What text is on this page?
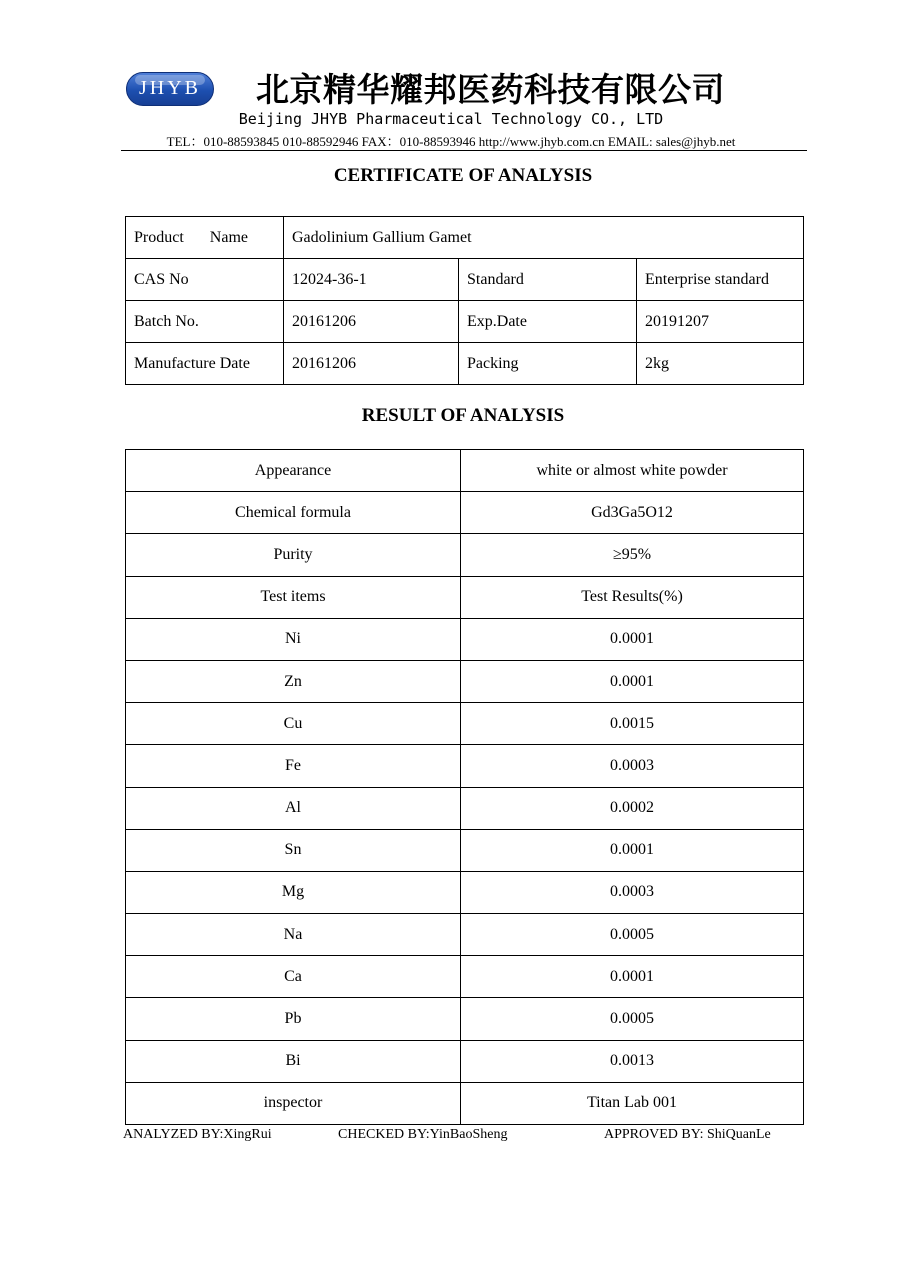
JHYB	北京精华耀邦医药科技有限公司
Beijing JHYB Pharmaceutical Technology CO., LTD
TEL：010-88593845 010-88592946 FAX：010-88593946 http://www.jhyb.com.cn EMAIL: sales@jhyb.net
CERTIFICATE OF ANALYSIS
Product Name	Gadolinium Gallium Gamet		
CAS No	12024-36-1	Standard	Enterprise standard
Batch No.	20161206	Exp.Date	20191207
Manufacture Date	20161206	Packing	2kg
RESULT OF ANALYSIS
Appearance	white or almost white powder
Chemical formula	Gd3Ga5O12
Purity	≥95%
Test items	Test Results(%)
Ni	0.0001
Zn	0.0001
Cu	0.0015
Fe	0.0003
Al	0.0002
Sn	0.0001
Mg	0.0003
Na	0.0005
Ca	0.0001
Pb	0.0005
Bi	0.0013
inspector	Titan Lab 001
ANALYZED BY:XingRui	CHECKED BY:YinBaoSheng	APPROVED BY: ShiQuanLe
